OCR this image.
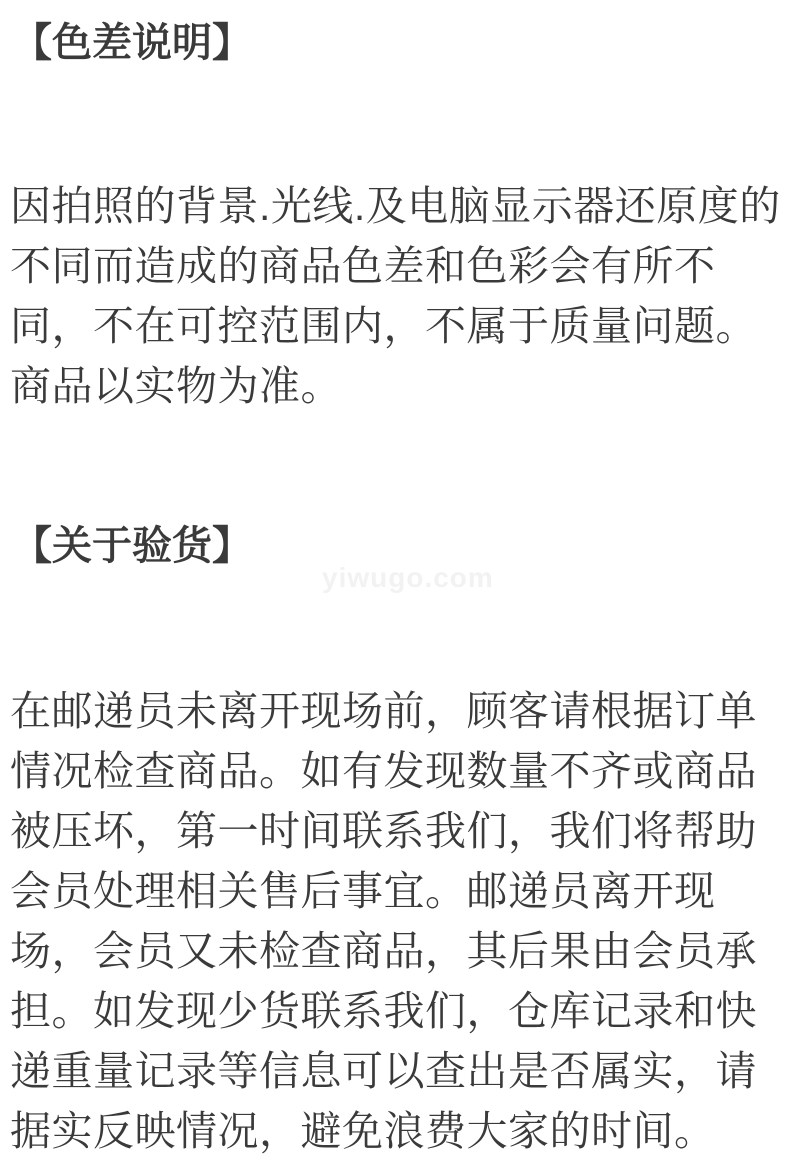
【色差说明】
因拍照的背景.光线.及电脑显示器还原度的
不同而造成的商品色差和色彩会有所不
同，不在可控范围内，不属于质量问题。
商品以实物为准。
【关于验货】
yiwugo.com
在邮递员未离开现场前，顾客请根据订单
情况检查商品。如有发现数量不齐或商品
被压坏，第一时间联系我们，我们将帮助
会员处理相关售后事宜。邮递员离开现
场，会员又未检查商品，其后果由会员承
担。如发现少货联系我们，仓库记录和快
递重量记录等信息可以查出是否属实，请
据实反映情况，避免浪费大家的时间。
